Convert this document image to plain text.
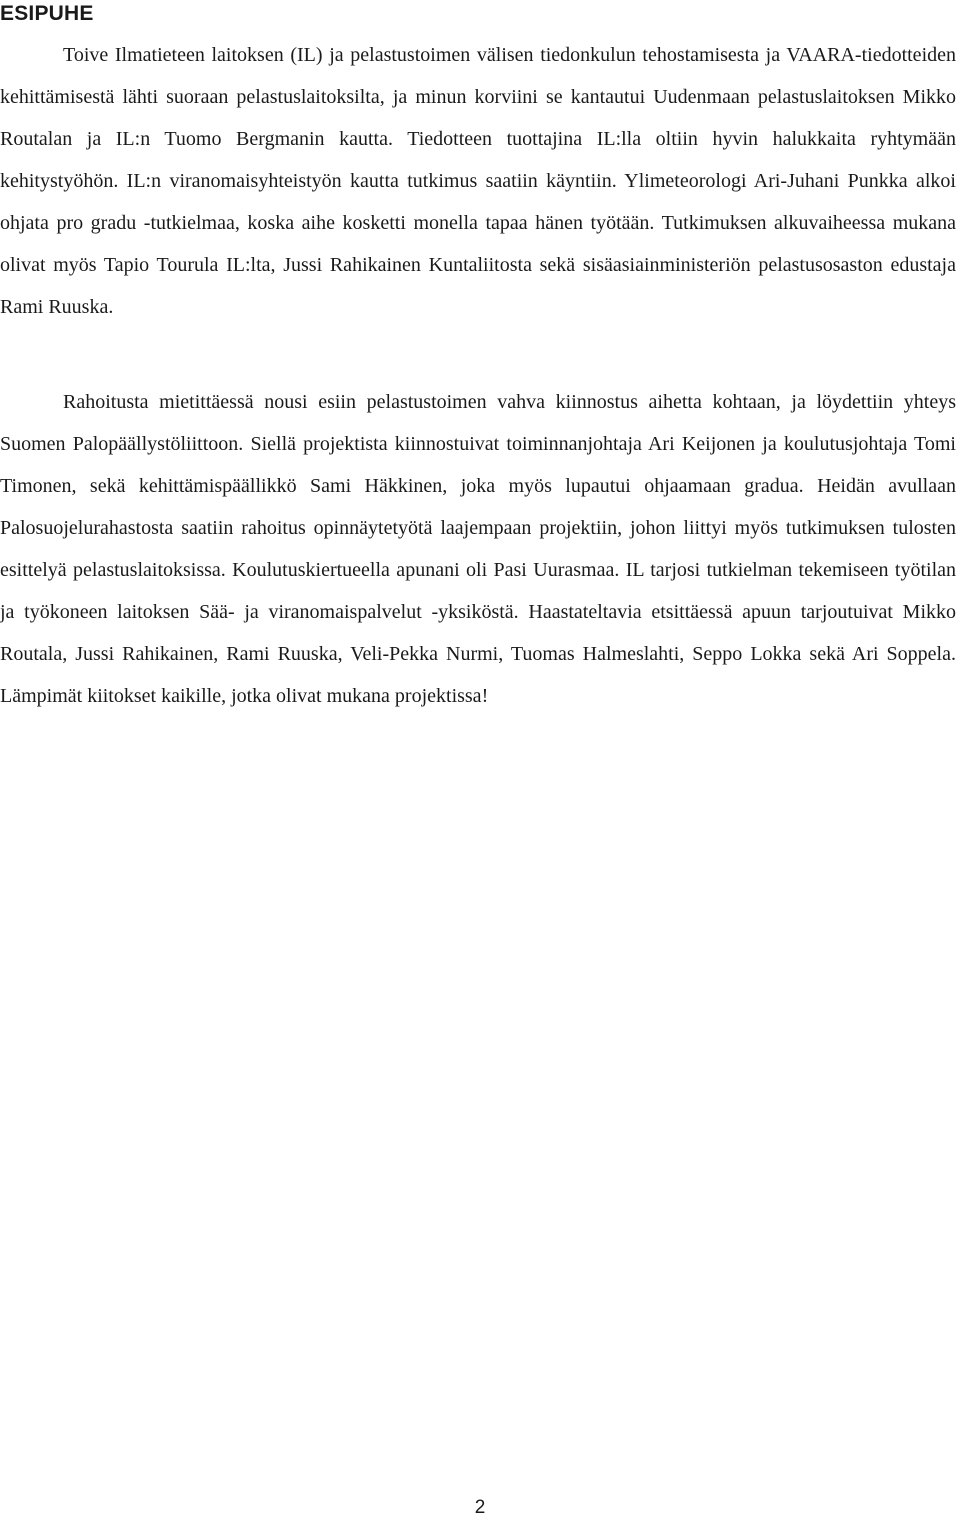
ESIPUHE

Toive Ilmatieteen laitoksen (IL) ja pelastustoimen välisen tiedonkulun tehostamisesta ja VAARA-tiedotteiden kehittämisestä lähti suoraan pelastuslaitoksilta, ja minun korviini se kantautui Uudenmaan pelastuslaitoksen Mikko Routalan ja IL:n Tuomo Bergmanin kautta. Tiedotteen tuottajina IL:lla oltiin hyvin halukkaita ryhtymään kehitystyöhön. IL:n viranomaisyhteistyön kautta tutkimus saatiin käyntiin. Ylimeteorologi Ari-Juhani Punkka alkoi ohjata pro gradu -tutkielmaa, koska aihe kosketti monella tapaa hänen työtään. Tutkimuksen alkuvaiheessa mukana olivat myös Tapio Tourula IL:lta, Jussi Rahikainen Kuntaliitosta sekä sisäasiainministeriön pelastusosaston edustaja Rami Ruuska.

Rahoitusta mietittäessä nousi esiin pelastustoimen vahva kiinnostus aihetta kohtaan, ja löydettiin yhteys Suomen Palopäällystöliittoon. Siellä projektista kiinnostuivat toiminnanjohtaja Ari Keijonen ja koulutusjohtaja Tomi Timonen, sekä kehittämispäällikkö Sami Häkkinen, joka myös lupautui ohjaamaan gradua. Heidän avullaan Palosuojelurahastosta saatiin rahoitus opinnäytetyötä laajempaan projektiin, johon liittyi myös tutkimuksen tulosten esittelyä pelastuslaitoksissa. Koulutuskiertueella apunani oli Pasi Uurasmaa. IL tarjosi tutkielman tekemiseen työtilan ja työkoneen laitoksen Sää- ja viranomaispalvelut -yksiköstä. Haastateltavia etsittäessä apuun tarjoutuivat Mikko Routala, Jussi Rahikainen, Rami Ruuska, Veli-Pekka Nurmi, Tuomas Halmeslahti, Seppo Lokka sekä Ari Soppela. Lämpimät kiitokset kaikille, jotka olivat mukana projektissa!

2
